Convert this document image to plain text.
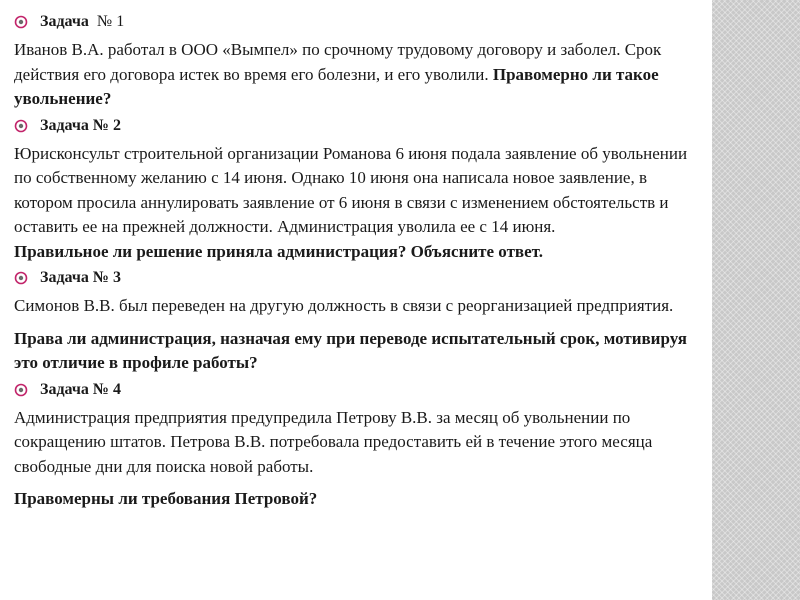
Задача № 1

Иванов В.А. работал в ООО «Вымпел» по срочному трудовому договору и заболел. Срок действия его договора истек во время его болезни, и его уволили. Правомерно ли такое увольнение?

Задача № 2

Юрисконсульт строительной организации Романова 6 июня подала заявление об увольнении по собственному желанию с 14 июня. Однако 10 июня она написала новое заявление, в котором просила аннулировать заявление от 6 июня в связи с изменением обстоятельств и оставить ее на прежней должности. Администрация уволила ее с 14 июня.

Правильное ли решение приняла администрация? Объясните ответ.

Задача № 3

Симонов В.В. был переведен на другую должность в связи с реорганизацией предприятия.

Права ли администрация, назначая ему при переводе испытательный срок, мотивируя это отличие в профиле работы?

Задача № 4

Администрация предприятия предупредила Петрову В.В. за месяц об увольнении по сокращению штатов. Петрова В.В. потребовала предоставить ей в течение этого месяца свободные дни для поиска новой работы.

Правомерны ли требования Петровой?
